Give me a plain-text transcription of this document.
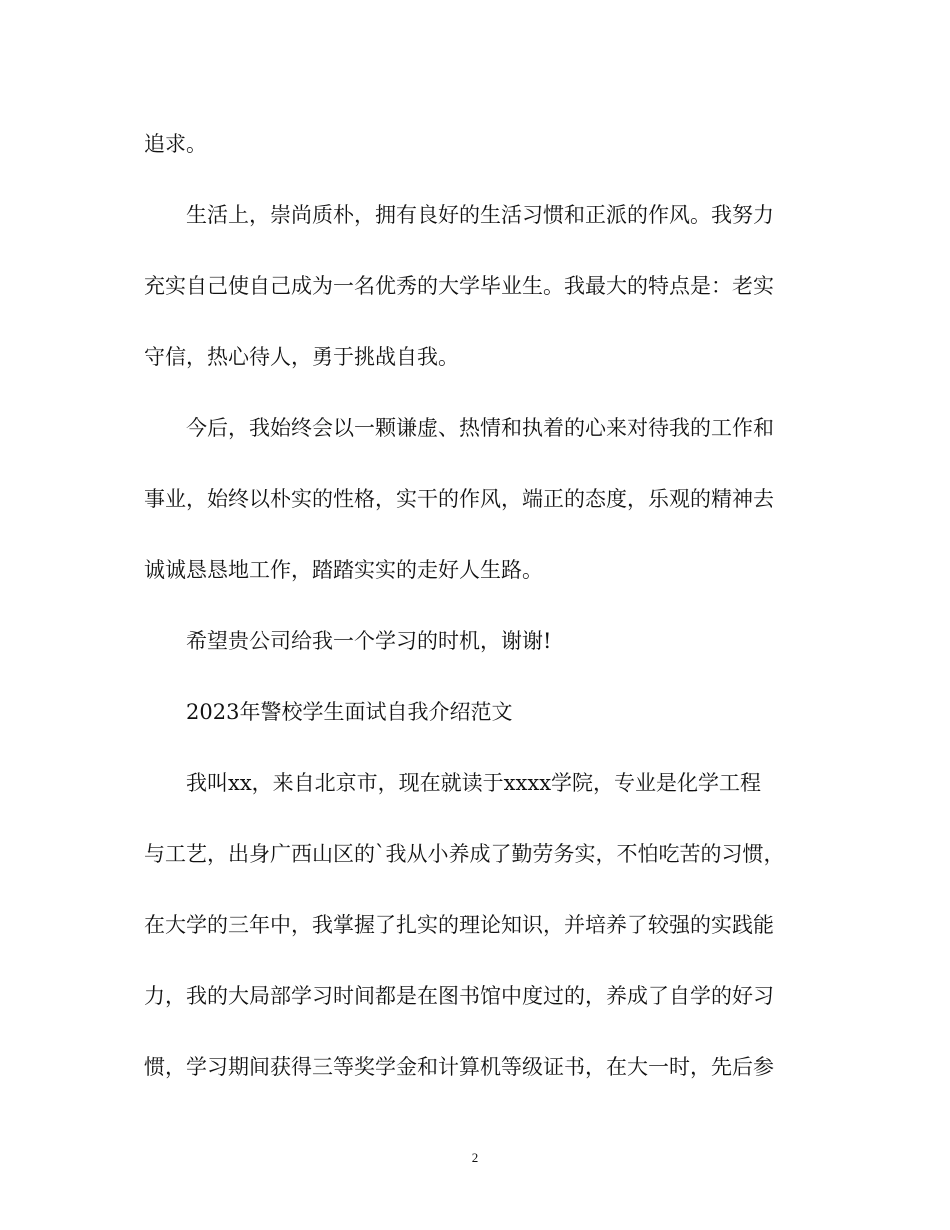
追求。

生活上，崇尚质朴，拥有良好的生活习惯和正派的作风。我努力

充实自己使自己成为一名优秀的大学毕业生。我最大的特点是：老实

守信，热心待人，勇于挑战自我。

今后，我始终会以一颗谦虚、热情和执着的心来对待我的工作和

事业，始终以朴实的性格，实干的作风，端正的态度，乐观的精神去

诚诚恳恳地工作，踏踏实实的走好人生路。

希望贵公司给我一个学习的时机，谢谢!

2023年警校学生面试自我介绍范文

我叫xx，来自北京市，现在就读于xxxx学院，专业是化学工程

与工艺，出身广西山区的`我从小养成了勤劳务实，不怕吃苦的习惯，

在大学的三年中，我掌握了扎实的理论知识，并培养了较强的实践能

力，我的大局部学习时间都是在图书馆中度过的，养成了自学的好习

惯，学习期间获得三等奖学金和计算机等级证书，在大一时，先后参

2
